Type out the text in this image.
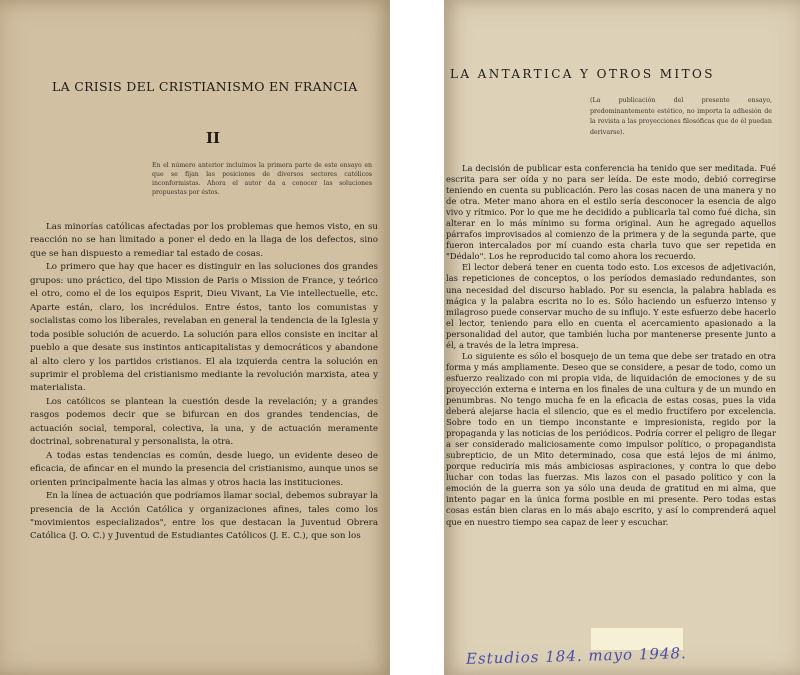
LA CRISIS DEL CRISTIANISMO EN FRANCIA
II
En el número anterior incluimos la primera parte de este ensayo en que se fijan las posiciones de diversos sectores católicos inconformistas. Ahora el autor da a conocer las soluciones propuestas por éstos.

Las minorías católicas afectadas por los problemas que hemos visto, en su reacción no se han limitado a poner el dedo en la llaga de los defectos, sino que se han dispuesto a remediar tal estado de cosas.

Lo primero que hay que hacer es distinguir en las soluciones dos grandes grupos: uno práctico, del tipo Mission de Paris o Mission de France, y teórico el otro, como el de los equipos Esprit, Dieu Vivant, La Vie intellectuelle, etc. Aparte están, claro, los incrédulos. Entre éstos, tanto los comunistas y socialistas como los liberales, revelaban en general la tendencia de la Iglesia y toda posible solución de acuerdo. La solución para ellos consiste en incitar al pueblo a que desate sus instintos anticapitalistas y democráticos y abandone al alto clero y los partidos cristianos. El ala izquierda centra la solución en suprimir el problema del cristianismo mediante la revolución marxista, atea y materialista.

Los católicos se plantean la cuestión desde la revelación; y a grandes rasgos podemos decir que se bifurcan en dos grandes tendencias, de actuación social, temporal, colectiva, la una, y de actuación meramente doctrinal, sobrenatural y personalista, la otra.

A todas estas tendencias es común, desde luego, un evidente deseo de eficacia, de afincar en el mundo la presencia del cristianismo, aunque unos se orienten principalmente hacia las almas y otros hacia las instituciones.

En la línea de actuación que podríamos llamar social, debemos subrayar la presencia de la Acción Católica y organizaciones afines, tales como los "movimientos especializados", entre los que destacan la Juventud Obrera Católica (J. O. C.) y Juventud de Estudiantes Católicos (J. E. C.), que son los

LA ANTARTICA Y OTROS MITOS
(La publicación del presente ensayo, predominantemente estético, no importa la adhesión de la revista a las proyecciones filosóficas que de él puedan derivarse).

La decisión de publicar esta conferencia ha tenido que ser meditada. Fué escrita para ser oída y no para ser leída. De este modo, debió corregirse teniendo en cuenta su publicación. Pero las cosas nacen de una manera y no de otra. Meter mano ahora en el estilo sería desconocer la esencia de algo vivo y rítmico. Por lo que me he decidido a publicarla tal como fué dicha, sin alterar en lo más mínimo su forma original. Aun he agregado aquellos párrafos improvisados al comienzo de la primera y de la segunda parte, que fueron intercalados por mí cuando esta charla tuvo que ser repetida en "Dédalo". Los he reproducido tal como ahora los recuerdo.

El lector deberá tener en cuenta todo esto. Los excesos de adjetivación, las repeticiones de conceptos, o los períodos demasiado redundantes, son una necesidad del discurso hablado. Por su esencia, la palabra hablada es mágica y la palabra escrita no lo es. Sólo haciendo un esfuerzo intenso y milagroso puede conservar mucho de su influjo. Y este esfuerzo debe hacerlo el lector, teniendo para ello en cuenta el acercamiento apasionado a la personalidad del autor, que también lucha por mantenerse presente junto a él, a través de la letra impresa.

Lo siguiente es sólo el bosquejo de un tema que debe ser tratado en otra forma y más ampliamente. Deseo que se considere, a pesar de todo, como un esfuerzo realizado con mi propia vida, de liquidación de emociones y de su proyección externa e interna en los finales de una cultura y de un mundo en penumbras. No tengo mucha fe en la eficacia de estas cosas, pues la vida deberá alejarse hacia el silencio, que es el medio fructífero por excelencia. Sobre todo en un tiempo inconstante e impresionista, regido por la propaganda y las noticias de los periódicos. Podría correr el peligro de llegar a ser considerado maliciosamente como impulsor político, o propagandista subrepticio, de un Mito determinado, cosa que está lejos de mi ánimo, porque reduciría mis más ambiciosas aspiraciones, y contra lo que debo luchar con todas las fuerzas. Mis lazos con el pasado político y con la emoción de la guerra son ya sólo una deuda de gratitud en mi alma, que intento pagar en la única forma posible en mi presente. Pero todas estas cosas están bien claras en lo más abajo escrito, y así lo comprenderá aquel que en nuestro tiempo sea capaz de leer y escuchar.

Estudios 184. mayo 1948.
